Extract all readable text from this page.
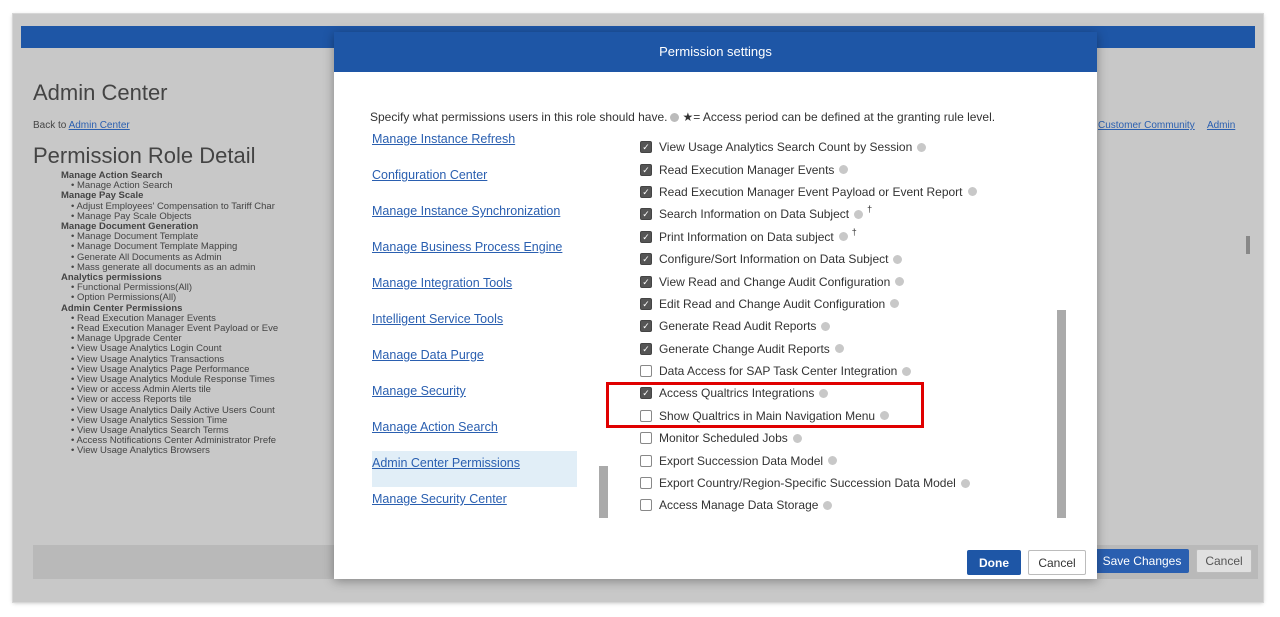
Admin Center
Back to Admin Center	Customer Community Admin
Permission Role Detail
Manage Action Search
• Manage Action Search
Manage Pay Scale
• Adjust Employees' Compensation to Tariff Char
• Manage Pay Scale Objects
Manage Document Generation
• Manage Document Template
• Manage Document Template Mapping
• Generate All Documents as Admin
• Mass generate all documents as an admin
Analytics permissions
• Functional Permissions(All)
• Option Permissions(All)
Admin Center Permissions
• Read Execution Manager Events
• Read Execution Manager Event Payload or Eve
• Manage Upgrade Center
• View Usage Analytics Login Count
• View Usage Analytics Transactions
• View Usage Analytics Page Performance
• View Usage Analytics Module Response Times
• View or access Admin Alerts tile
• View or access Reports tile
• View Usage Analytics Daily Active Users Count
• View Usage Analytics Session Time
• View Usage Analytics Search Terms
• Access Notifications Center Administrator Prefe
• View Usage Analytics Browsers
Save Changes	Cancel
Permission settings
Specify what permissions users in this role should have. ★= Access period can be defined at the granting rule level.
Manage Instance Refresh
Configuration Center
Manage Instance Synchronization
Manage Business Process Engine
Manage Integration Tools
Intelligent Service Tools
Manage Data Purge
Manage Security
Manage Action Search
Admin Center Permissions
Manage Security Center
✓ View Usage Analytics Search Count by Session
✓ Read Execution Manager Events
✓ Read Execution Manager Event Payload or Event Report
✓ Search Information on Data Subject †
✓ Print Information on Data subject †
✓ Configure/Sort Information on Data Subject
✓ View Read and Change Audit Configuration
✓ Edit Read and Change Audit Configuration
✓ Generate Read Audit Reports
✓ Generate Change Audit Reports
Data Access for SAP Task Center Integration
✓ Access Qualtrics Integrations
Show Qualtrics in Main Navigation Menu
Monitor Scheduled Jobs
Export Succession Data Model
Export Country/Region-Specific Succession Data Model
Access Manage Data Storage
Done	Cancel
